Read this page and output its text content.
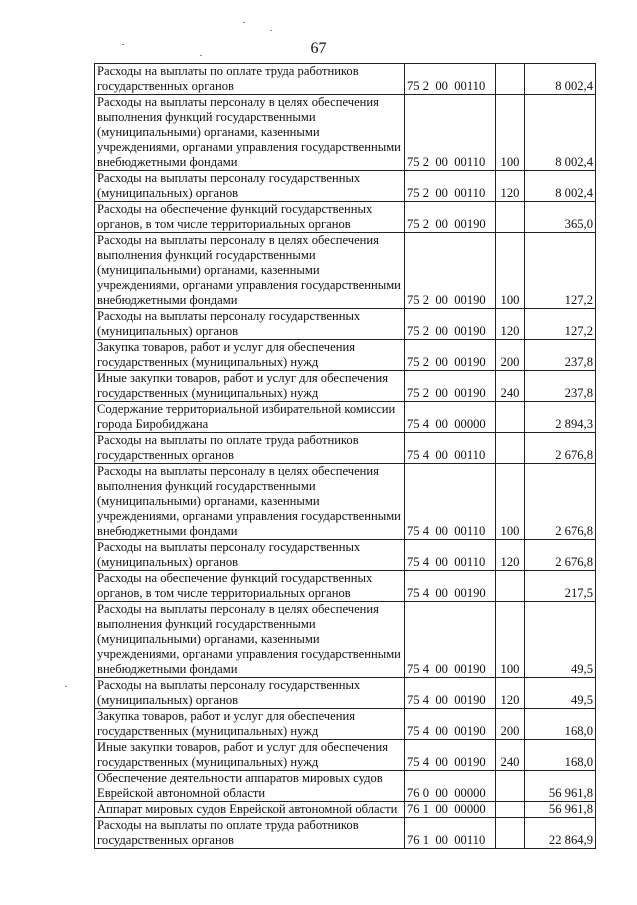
67
Расходы на выплаты по оплате труда работников государственных органов	75 2  00  00110		8 002,4
Расходы на выплаты персоналу в целях обеспечения выполнения функций государственными (муниципальными) органами, казенными учреждениями, органами управления государственными внебюджетными фондами	75 2  00  00110	100	8 002,4
Расходы на выплаты персоналу государственных (муниципальных) органов	75 2  00  00110	120	8 002,4
Расходы на обеспечение функций государственных органов, в том числе территориальных органов	75 2  00  00190		365,0
Расходы на выплаты персоналу в целях обеспечения выполнения функций государственными (муниципальными) органами, казенными учреждениями, органами управления государственными внебюджетными фондами	75 2  00  00190	100	127,2
Расходы на выплаты персоналу государственных (муниципальных) органов	75 2  00  00190	120	127,2
Закупка товаров, работ и услуг для обеспечения государственных (муниципальных) нужд	75 2  00  00190	200	237,8
Иные закупки товаров, работ и услуг для обеспечения государственных (муниципальных) нужд	75 2  00  00190	240	237,8
Содержание территориальной избирательной комиссии города Биробиджана	75 4  00  00000		2 894,3
Расходы на выплаты по оплате труда работников государственных органов	75 4  00  00110		2 676,8
Расходы на выплаты персоналу в целях обеспечения выполнения функций государственными (муниципальными) органами, казенными учреждениями, органами управления государственными внебюджетными фондами	75 4  00  00110	100	2 676,8
Расходы на выплаты персоналу государственных (муниципальных) органов	75 4  00  00110	120	2 676,8
Расходы на обеспечение функций государственных органов, в том числе территориальных органов	75 4  00  00190		217,5
Расходы на выплаты персоналу в целях обеспечения выполнения функций государственными (муниципальными) органами, казенными учреждениями, органами управления государственными внебюджетными фондами	75 4  00  00190	100	49,5
Расходы на выплаты персоналу государственных (муниципальных) органов	75 4  00  00190	120	49,5
Закупка товаров, работ и услуг для обеспечения государственных (муниципальных) нужд	75 4  00  00190	200	168,0
Иные закупки товаров, работ и услуг для обеспечения государственных (муниципальных) нужд	75 4  00  00190	240	168,0
Обеспечение деятельности аппаратов мировых судов Еврейской автономной области	76 0  00  00000		56 961,8
Аппарат мировых судов Еврейской автономной области	76 1  00  00000		56 961,8
Расходы на выплаты по оплате труда работников государственных органов	76 1  00  00110		22 864,9
